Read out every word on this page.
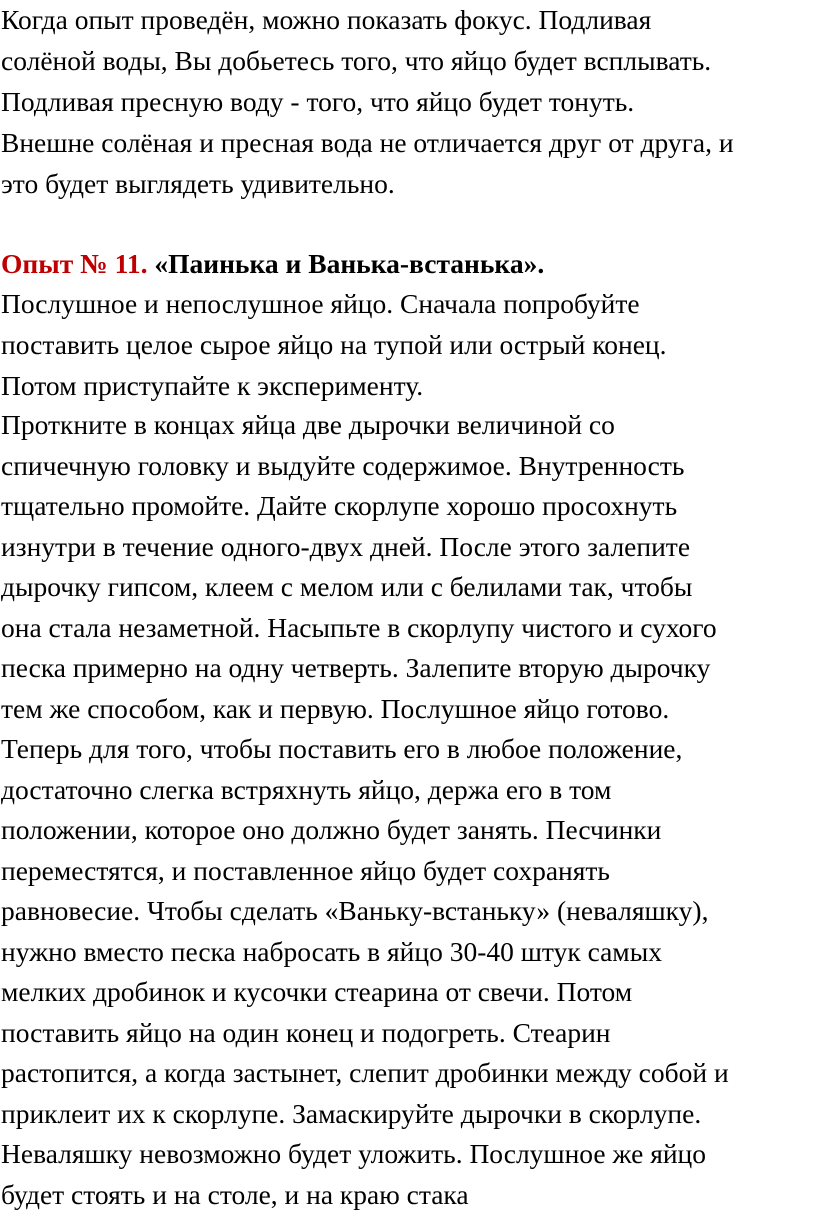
Когда опыт проведён, можно показать фокус. Подливая
солёной воды, Вы добьетесь того, что яйцо будет всплывать.
Подливая пресную воду - того, что яйцо будет тонуть.
Внешне солёная и пресная вода не отличается друг от друга, и
это будет выглядеть удивительно.
Опыт № 11. «Паинька и Ванька-встанька».
Послушное и непослушное яйцо. Сначала попробуйте
поставить целое сырое яйцо на тупой или острый конец.
Потом приступайте к эксперименту.
Проткните в концах яйца две дырочки величиной со
спичечную головку и выдуйте содержимое. Внутренность
тщательно промойте. Дайте скорлупе хорошо просохнуть
изнутри в течение одного-двух дней. После этого залепите
дырочку гипсом, клеем с мелом или с белилами так, чтобы
она стала незаметной. Насыпьте в скорлупу чистого и сухого
песка примерно на одну четверть. Залепите вторую дырочку
тем же способом, как и первую. Послушное яйцо готово.
Теперь для того, чтобы поставить его в любое положение,
достаточно слегка встряхнуть яйцо, держа его в том
положении, которое оно должно будет занять. Песчинки
переместятся, и поставленное яйцо будет сохранять
равновесие. Чтобы сделать «Ваньку-встаньку» (неваляшку),
нужно вместо песка набросать в яйцо 30-40 штук самых
мелких дробинок и кусочки стеарина от свечи. Потом
поставить яйцо на один конец и подогреть. Стеарин
растопится, а когда застынет, слепит дробинки между собой и
приклеит их к скорлупе. Замаскируйте дырочки в скорлупе.
Неваляшку невозможно будет уложить. Послушное же яйцо
будет стоять и на столе, и на краю стака
